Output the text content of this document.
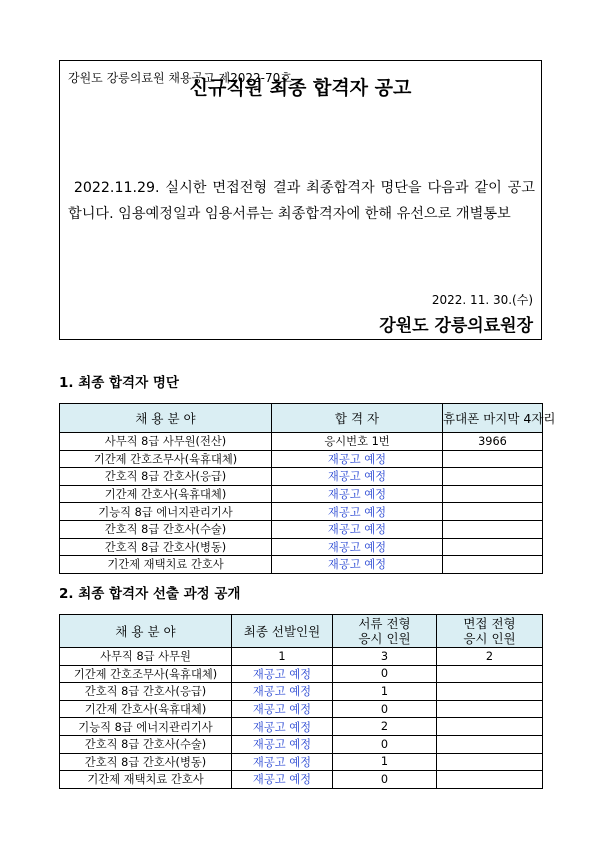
강원도 강릉의료원 채용공고 제2022-70호
신규직원 최종 합격자 공고
2022.11.29. 실시한 면접전형 결과 최종합격자 명단을 다음과 같이 공고합니다. 임용예정일과 임용서류는 최종합격자에 한해 유선으로 개별통보
2022. 11. 30.(수)
강원도 강릉의료원장
1. 최종 합격자 명단
채 용 분 야	합 격 자	휴대폰 마지막 4자리
사무직 8급 사무원(전산)	응시번호 1번	3966
기간제 간호조무사(육휴대체)	재공고 예정	
간호직 8급 간호사(응급)	재공고 예정	
기간제 간호사(육휴대체)	재공고 예정	
기능직 8급 에너지관리기사	재공고 예정	
간호직 8급 간호사(수술)	재공고 예정	
간호직 8급 간호사(병동)	재공고 예정	
기간제 재택치료 간호사	재공고 예정	
2. 최종 합격자 선출 과정 공개
채 용 분 야	최종 선발인원	서류 전형
응시 인원	면접 전형
응시 인원
사무직 8급 사무원	1	3	2
기간제 간호조무사(육휴대체)	재공고 예정	0	
간호직 8급 간호사(응급)	재공고 예정	1	
기간제 간호사(육휴대체)	재공고 예정	0	
기능직 8급 에너지관리기사	재공고 예정	2	
간호직 8급 간호사(수술)	재공고 예정	0	
간호직 8급 간호사(병동)	재공고 예정	1	
기간제 재택치료 간호사	재공고 예정	0	
